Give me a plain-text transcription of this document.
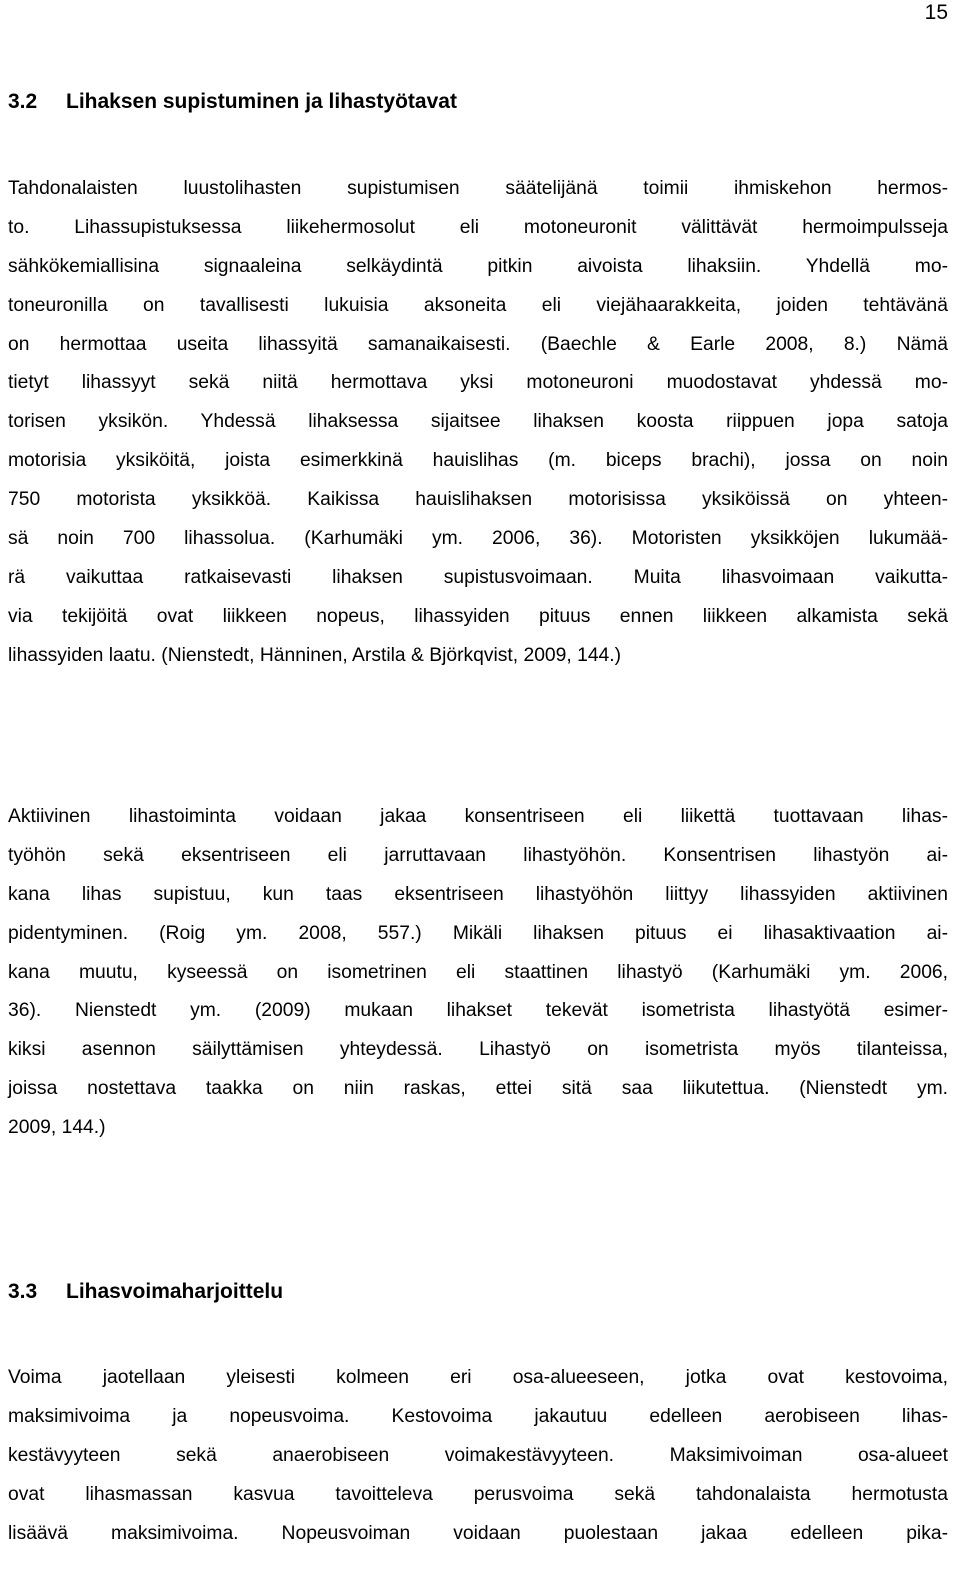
15
3.2 Lihaksen supistuminen ja lihastyötavat
Tahdonalaisten luustolihasten supistumisen säätelijänä toimii ihmiskehon hermos-
to. Lihassupistuksessa liikehermosolut eli motoneuronit välittävät hermoimpulsseja
sähkökemiallisina signaaleina selkäydintä pitkin aivoista lihaksiin. Yhdellä mo-
toneuronilla on tavallisesti lukuisia aksoneita eli viejähaarakkeita, joiden tehtävänä
on hermottaa useita lihassyitä samanaikaisesti. (Baechle & Earle 2008, 8.) Nämä
tietyt lihassyyt sekä niitä hermottava yksi motoneuroni muodostavat yhdessä mo-
torisen yksikön. Yhdessä lihaksessa sijaitsee lihaksen koosta riippuen jopa satoja
motorisia yksiköitä, joista esimerkkinä hauislihas (m. biceps brachi), jossa on noin
750 motorista yksikköä. Kaikissa hauislihaksen motorisissa yksiköissä on yhteen-
sä noin 700 lihassolua. (Karhumäki ym. 2006, 36). Motoristen yksikköjen lukumää-
rä vaikuttaa ratkaisevasti lihaksen supistusvoimaan. Muita lihasvoimaan vaikutta-
via tekijöitä ovat liikkeen nopeus, lihassyiden pituus ennen liikkeen alkamista sekä
lihassyiden laatu. (Nienstedt, Hänninen, Arstila & Björkqvist, 2009, 144.)
Aktiivinen lihastoiminta voidaan jakaa konsentriseen eli liikettä tuottavaan lihas-
työhön sekä eksentriseen eli jarruttavaan lihastyöhön. Konsentrisen lihastyön ai-
kana lihas supistuu, kun taas eksentriseen lihastyöhön liittyy lihassyiden aktiivinen
pidentyminen. (Roig ym. 2008, 557.) Mikäli lihaksen pituus ei lihasaktivaation ai-
kana muutu, kyseessä on isometrinen eli staattinen lihastyö (Karhumäki ym. 2006,
36). Nienstedt ym. (2009) mukaan lihakset tekevät isometrista lihastyötä esimer-
kiksi asennon säilyttämisen yhteydessä. Lihastyö on isometrista myös tilanteissa,
joissa nostettava taakka on niin raskas, ettei sitä saa liikutettua. (Nienstedt ym.
2009, 144.)
3.3 Lihasvoimaharjoittelu
Voima jaotellaan yleisesti kolmeen eri osa-alueeseen, jotka ovat kestovoima,
maksimivoima ja nopeusvoima. Kestovoima jakautuu edelleen aerobiseen lihas-
kestävyyteen sekä anaerobiseen voimakestävyyteen. Maksimivoiman osa-alueet
ovat lihasmassan kasvua tavoitteleva perusvoima sekä tahdonalaista hermotusta
lisäävä maksimivoima. Nopeusvoiman voidaan puolestaan jakaa edelleen pika-
